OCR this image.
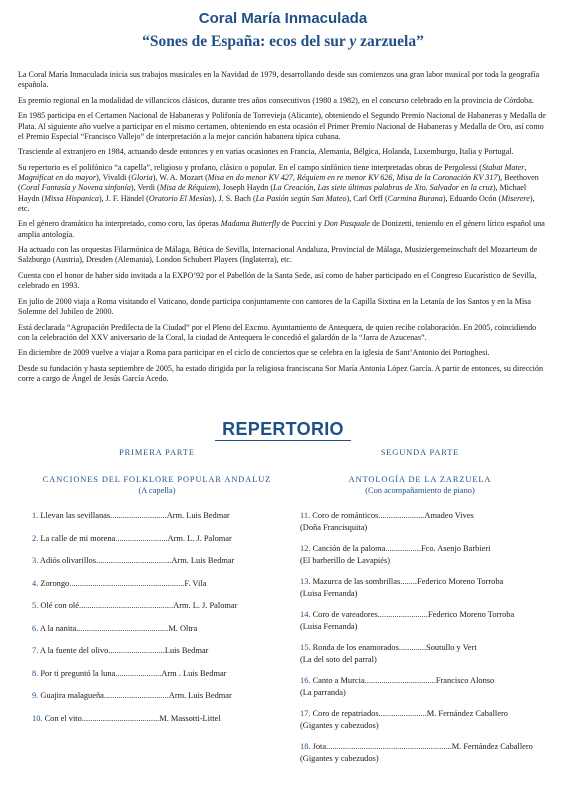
Coral María Inmaculada
“Sones de España: ecos del sur y zarzuela”

La Coral María Inmaculada inicia sus trabajos musicales en la Navidad de 1979, desarrollando desde sus comienzos una gran labor musical por toda la geografía española.

Es premio regional en la modalidad de villancicos clásicos, durante tres años consecutivos (1980 a 1982), en el concurso celebrado en la provincia de Córdoba.

En 1985 participa en el Certamen Nacional de Habaneras y Polifonía de Torrevieja (Alicante), obteniendo el Segundo Premio Nacional de Habaneras y Medalla de Plata. Al siguiente año vuelve a participar en el mismo certamen, obteniendo en esta ocasión el Primer Premio Nacional de Habaneras y Medalla de Oro, así como el Premio Especial “Francisco Vallejo” de interpretación a la mejor canción habanera típica cubana.

Trasciende al extranjero en 1984, actuando desde entonces y en varias ocasiones en Francia, Alemania, Bélgica, Holanda, Luxemburgo, Italia y Portugal.

Su repertorio es el polifónico “a capella”, religioso y profano, clásico o popular. En el campo sinfónico tiene interpretadas obras de Pergolessi (Stabat Mater, Magnificat en do mayor), Vivaldi (Gloria), W. A. Mozart (Misa en do menor KV 427, Réquiem en re menor KV 626, Misa de la Coronación KV 317), Beethoven (Coral Fantasía y Novena sinfonía), Verdi (Misa de Réquiem), Joseph Haydn (La Creación, Las siete últimas palabras de Xto. Salvador en la cruz), Michael Haydn (Missa Hispanica), J. F. Händel (Oratorio El Mesías), J. S. Bach (La Pasión según San Mateo), Carl Orff (Carmina Burana), Eduardo Ocón (Miserere), etc.

En el género dramático ha interpretado, como coro, las óperas Madama Butterfly de Puccini y Don Pasquale de Donizetti, teniendo en el género lírico español una amplia antología.

Ha actuado con las orquestas Filarmónica de Málaga, Bética de Sevilla, Internacional Andaluza, Provincial de Málaga, Musiziergemeinschaft del Mozarteum de Salzburgo (Austria), Dresden (Alemania), London Schubert Players (Inglaterra), etc.

Cuenta con el honor de haber sido invitada a la EXPO’92 por el Pabellón de la Santa Sede, así como de haber participado en el Congreso Eucarístico de Sevilla, celebrado en 1993.

En julio de 2000 viaja a Roma visitando el Vaticano, donde participa conjuntamente con cantores de la Capilla Sixtina en la Letanía de los Santos y en la Misa Solemne del Jubileo de 2000.

Está declarada “Agrupación Predilecta de la Ciudad” por el Pleno del Excmo. Ayuntamiento de Antequera, de quien recibe colaboración. En 2005, coincidiendo con la celebración del XXV aniversario de la Coral, la ciudad de Antequera le concedió el galardón de la “Jarra de Azucenas”.

En diciembre de 2009 vuelve a viajar a Roma para participar en el ciclo de conciertos que se celebra en la iglesia de Sant’Antonio dei Portoghesi.

Desde su fundación y hasta septiembre de 2005, ha estado dirigida por la religiosa franciscana Sor María Antonia López García. A partir de entonces, su dirección corre a cargo de Ángel de Jesús García Acedo.

REPERTORIO
PRIMERA PARTE
CANCIONES DEL FOLKLORE POPULAR ANDALUZ
(A capella)
1. Llevan las sevillanas...........................Arm. Luis Bedmar
2. La calle de mi morena.........................Arm. L. J. Palomar
3. Adiós olivarillos....................................Arm. Luis Bedmar
4. Zorongo.......................................................F. Vila
5. Olé con olé.............................................Arm. L. J. Palomar
6. A la nanita............................................M. Oltra
7. A la fuente del olivo...........................Luis Bedmar
8. Por ti preguntó la luna......................Arm . Luis Bedmar
9. Guajira malagueña...............................Arm. Luis Bedmar
10. Con el vito.....................................M. Massotti-Littel
SEGUNDA PARTE
ANTOLOGÍA DE LA ZARZUELA
(Con acompañamiento de piano)
11. Coro de románticos......................Amadeo Vives
(Doña Francisquita)
12. Canción de la paloma.................Fco. Asenjo Barbieri
(El barberillo de Lavapiés)
13. Mazurca de las sombrillas........Federico Moreno Torroba
(Luisa Fernanda)
14. Coro de vareadores........................Federico Moreno Torroba
(Luisa Fernanda)
15. Ronda de los enamorados.............Soutullo y Vert
(La del soto del parral)
16. Canto a Murcia..................................Francisco Alonso
(La parranda)
17. Coro de repatriados.......................M. Fernández Caballero
(Gigantes y cabezudos)
18. Jota............................................................M. Fernández Caballero
(Gigantes y cabezudos)
